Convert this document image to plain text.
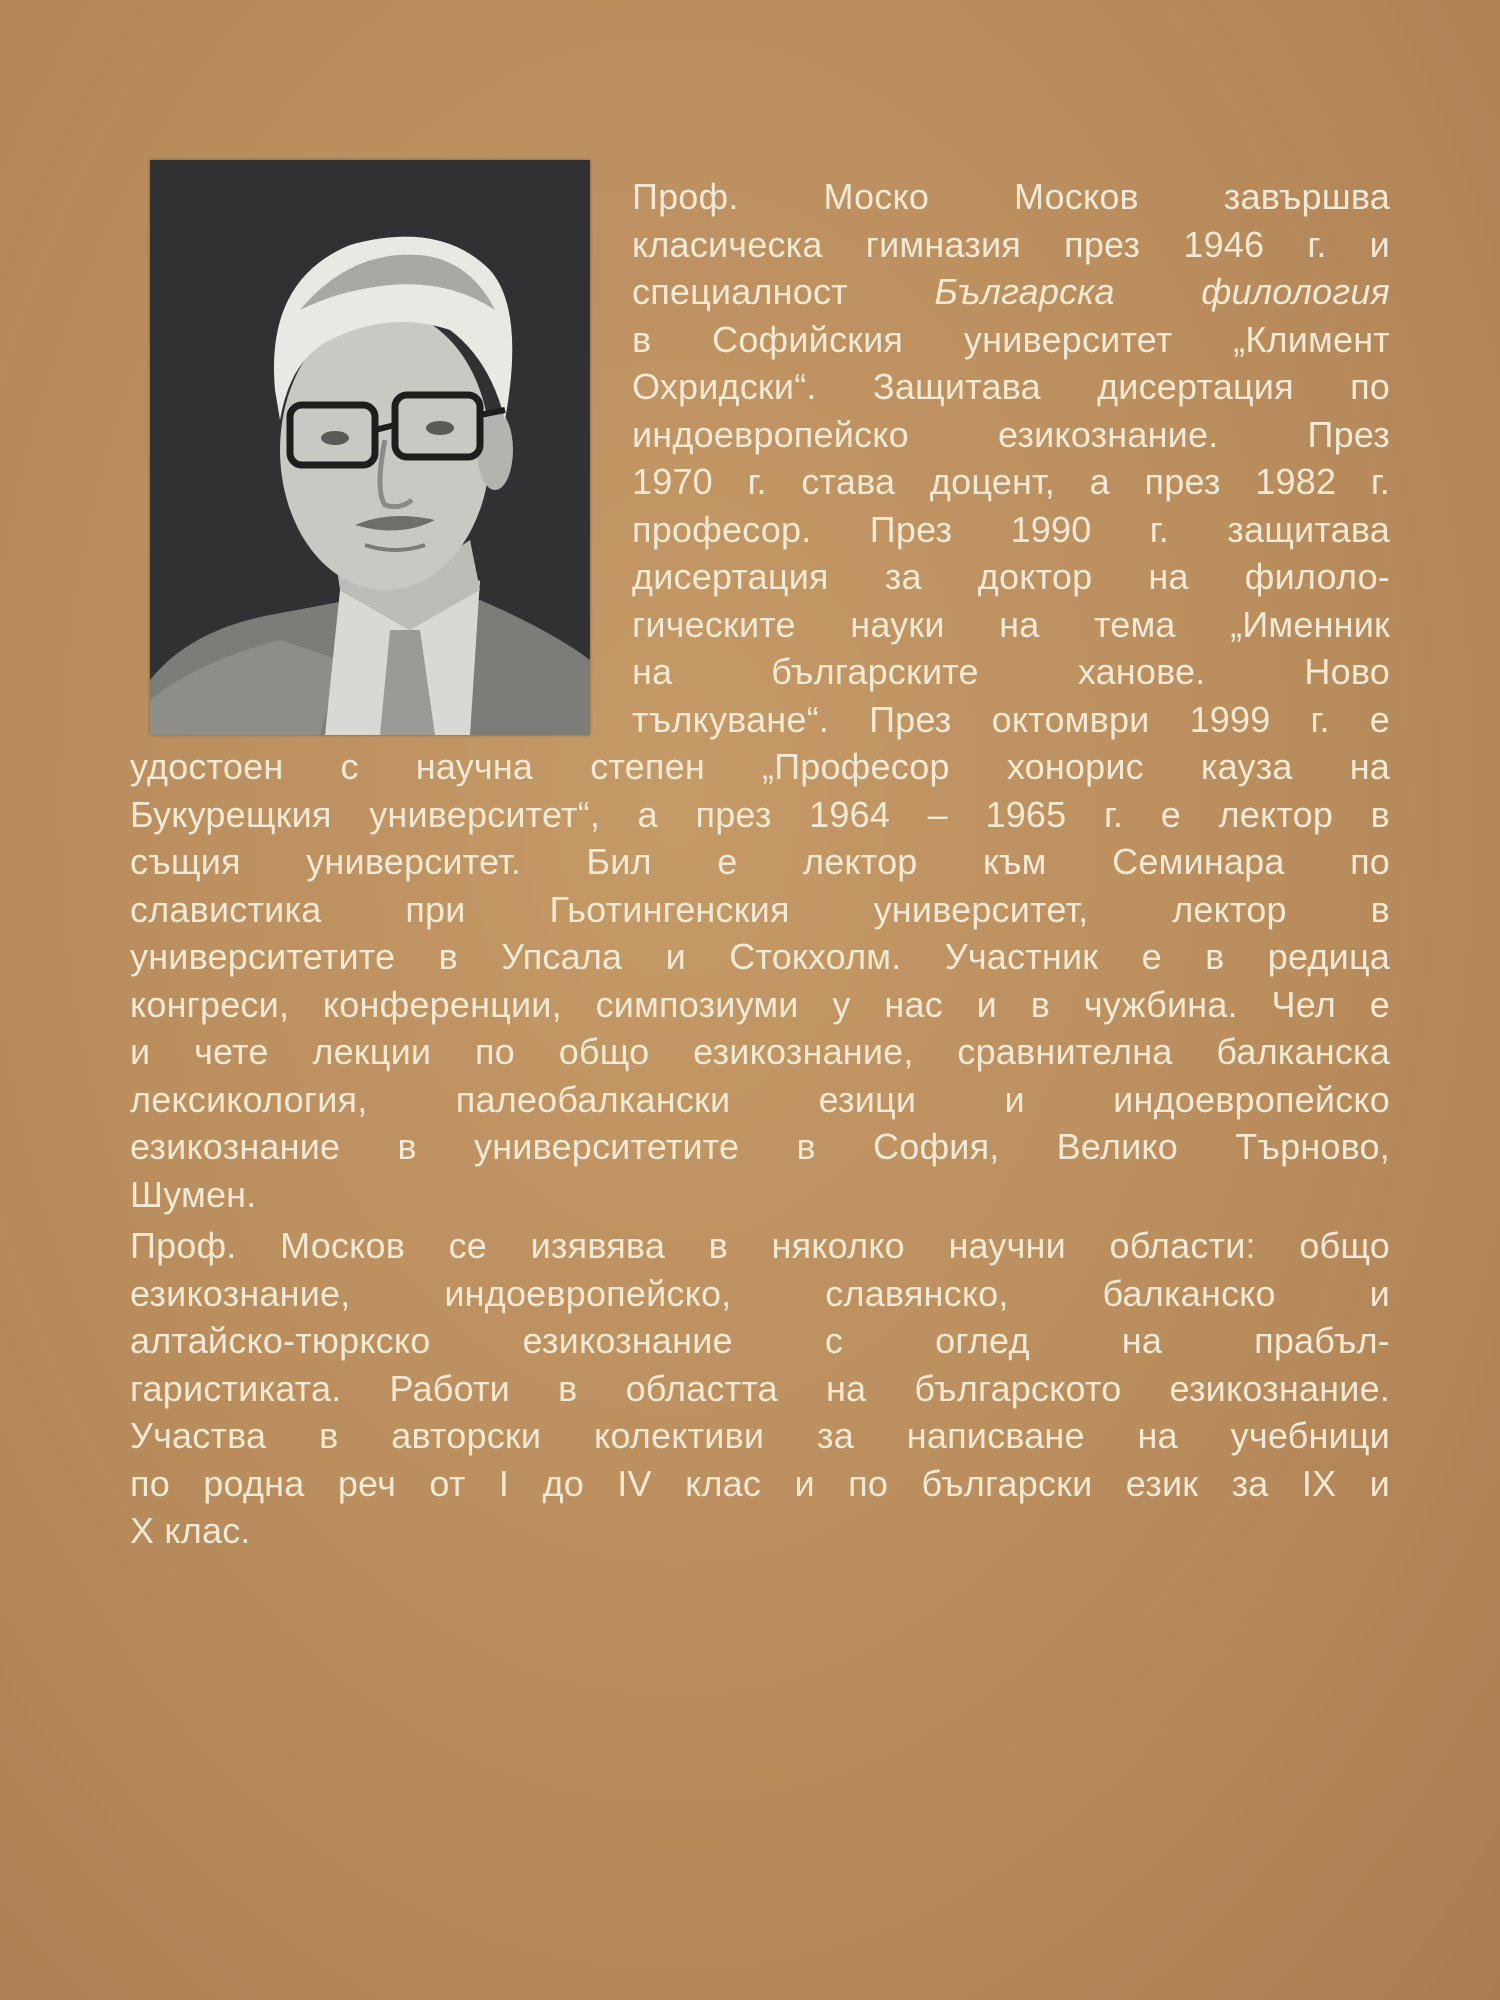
Проф. Моско Москов завършва

класическа гимназия през 1946 г. и

специалност Българска филология

в Софийския университет „Климент

Охридски“. Защитава дисертация по

индоевропейско езикознание. През

1970 г. става доцент, а през 1982 г.

професор. През 1990 г. защитава

дисертация за доктор на филоло-

гическите науки на тема „Именник

на българските ханове. Ново

тълкуване“. През октомври 1999 г. е

удостоен с научна степен „Професор хонорис кауза на

Букурещкия университет“, а през 1964 – 1965 г. е лектор в

същия университет. Бил е лектор към Семинара по

славистика при Гьотингенския университет, лектор в

университетите в Упсала и Стокхолм. Участник е в редица

конгреси, конференции, симпозиуми у нас и в чужбина. Чел е

и чете лекции по общо езикознание, сравнителна балканска

лексикология, палеобалкански езици и индоевропейско

езикознание в университетите в София, Велико Търново,

Шумен.

Проф. Москов се изявява в няколко научни области: общо

езикознание, индоевропейско, славянско, балканско и

алтайско-тюркско езикознание с оглед на прабъл-

гаристиката. Работи в областта на българското езикознание.

Участва в авторски колективи за написване на учебници

по родна реч от I до IV клас и по български език за IX и

X клас.
